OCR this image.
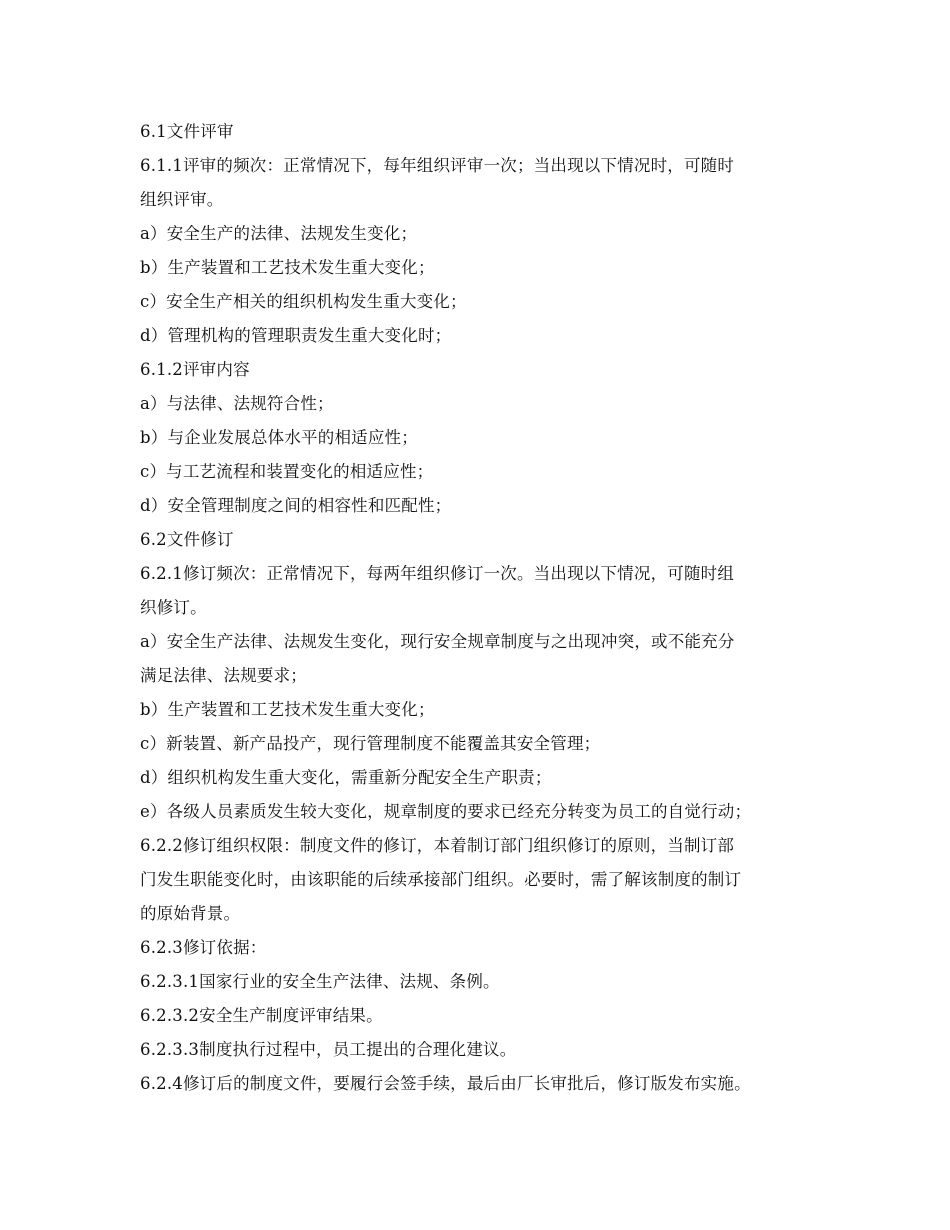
6.1文件评审
6.1.1评审的频次：正常情况下，每年组织评审一次；当出现以下情况时，可随时
组织评审。
a）安全生产的法律、法规发生变化；
b）生产装置和工艺技术发生重大变化；
c）安全生产相关的组织机构发生重大变化；
d）管理机构的管理职责发生重大变化时；
6.1.2评审内容
a）与法律、法规符合性；
b）与企业发展总体水平的相适应性；
c）与工艺流程和装置变化的相适应性；
d）安全管理制度之间的相容性和匹配性；
6.2文件修订
6.2.1修订频次：正常情况下，每两年组织修订一次。当出现以下情况，可随时组
织修订。
a）安全生产法律、法规发生变化，现行安全规章制度与之出现冲突，或不能充分
满足法律、法规要求；
b）生产装置和工艺技术发生重大变化；
c）新装置、新产品投产，现行管理制度不能覆盖其安全管理；
d）组织机构发生重大变化，需重新分配安全生产职责；
e）各级人员素质发生较大变化，规章制度的要求已经充分转变为员工的自觉行动；
6.2.2修订组织权限：制度文件的修订，本着制订部门组织修订的原则，当制订部
门发生职能变化时，由该职能的后续承接部门组织。必要时，需了解该制度的制订
的原始背景。
6.2.3修订依据：
6.2.3.1国家行业的安全生产法律、法规、条例。
6.2.3.2安全生产制度评审结果。
6.2.3.3制度执行过程中，员工提出的合理化建议。
6.2.4修订后的制度文件，要履行会签手续，最后由厂长审批后，修订版发布实施。
